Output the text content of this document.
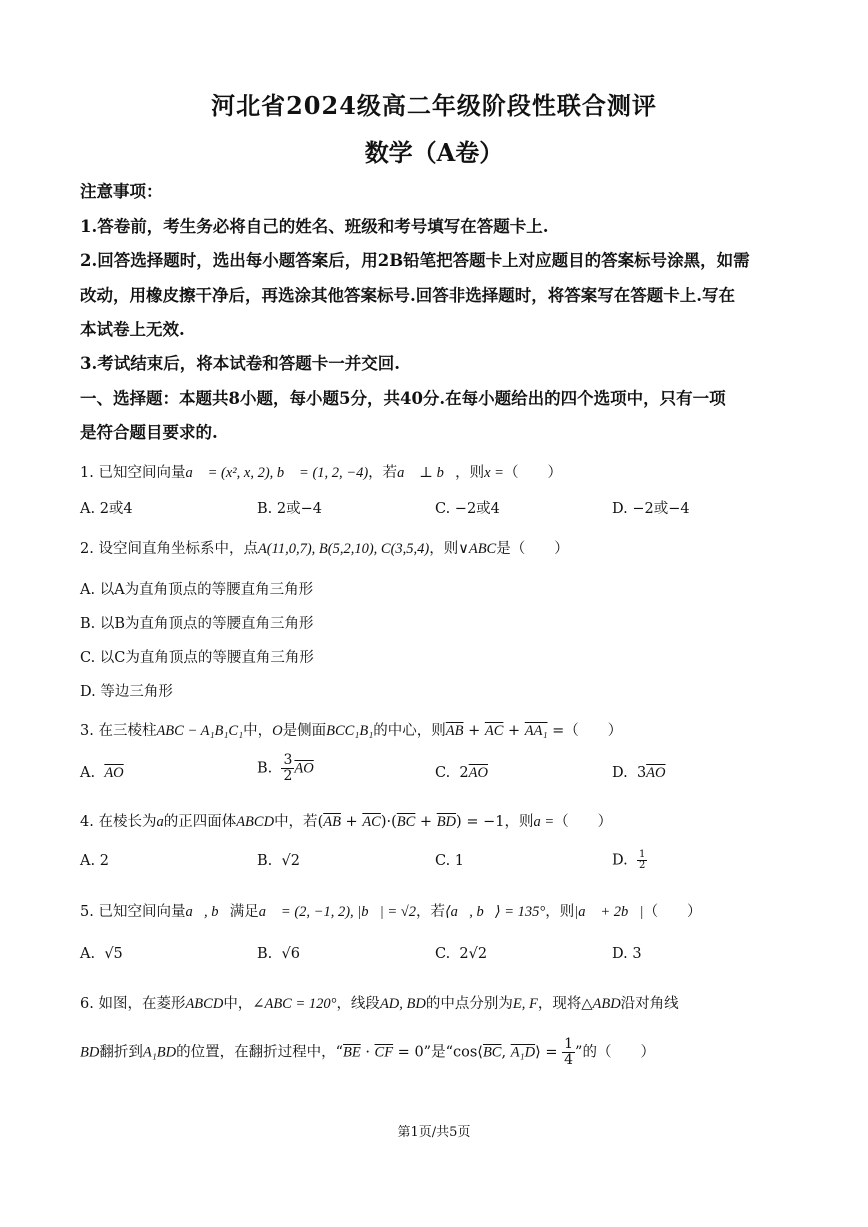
河北省2024级高二年级阶段性联合测评
数学（A卷）
注意事项：
1.答卷前，考生务必将自己的姓名、班级和考号填写在答题卡上.
2.回答选择题时，选出每小题答案后，用2B铅笔把答题卡上对应题目的答案标号涂黑，如需
改动，用橡皮擦干净后，再选涂其他答案标号.回答非选择题时，将答案写在答题卡上.写在
本试卷上无效.
3.考试结束后，将本试卷和答题卡一并交回.
一、选择题：本题共8小题，每小题5分，共40分.在每小题给出的四个选项中，只有一项
是符合题目要求的.
1. 已知空间向量a⃗ = (x², x, 2), b⃗ = (1, 2, −4)，若a⃗ ⊥ b⃗，则x =（　　）
A. 2或4	B. 2或−4	C. −2或4	D. −2或−4
2. 设空间直角坐标系中，点A(11,0,7), B(5,2,10), C(3,5,4)，则∨ABC是（　　）
A. 以A为直角顶点的等腰直角三角形
B. 以B为直角顶点的等腰直角三角形
C. 以C为直角顶点的等腰直角三角形
D. 等边三角形
3. 在三棱柱ABC − A₁B₁C₁中，O是侧面BCC₁B₁的中心，则$\overline{AB} + \overline{AC} + AA_1$ =（　　）
A. $\overline{AO}$	B. $\frac{3}{2} \overline{AO}$	C. $2\overline{AO}$	D. $3\overline{AO}$
4. 在棱长为a的正四面体ABCD中，若$(\overline{AB} + \overline{AC})\cdot(\overline{BC} + \overline{BD}) = -1$，则a =（　　）
A. 2	B. √2	C. 1	D. $\frac{1}{2}$
5. 已知空间向量a⃗, b⃗满足a⃗ = (2, −1, 2), |b⃗| = √2，若⟨a⃗, b⃗⟩ = 135°，则|a⃗ + 2b⃗|（　　）
A. √5	B. √6	C. 2√2	D. 3
6. 如图，在菱形ABCD中，∠ABC = 120°，线段AD, BD的中点分别为E, F，现将△ABD沿对角线
BD翻折到A₁BD的位置，在翻折过程中，“$\overline{BE} \cdot \overline{CF} = 0$”是“$\cos⟨\overline{BC}$, A₁D⟩ = $\frac{1}{4}$ ”的（　　）
第1页/共5页
